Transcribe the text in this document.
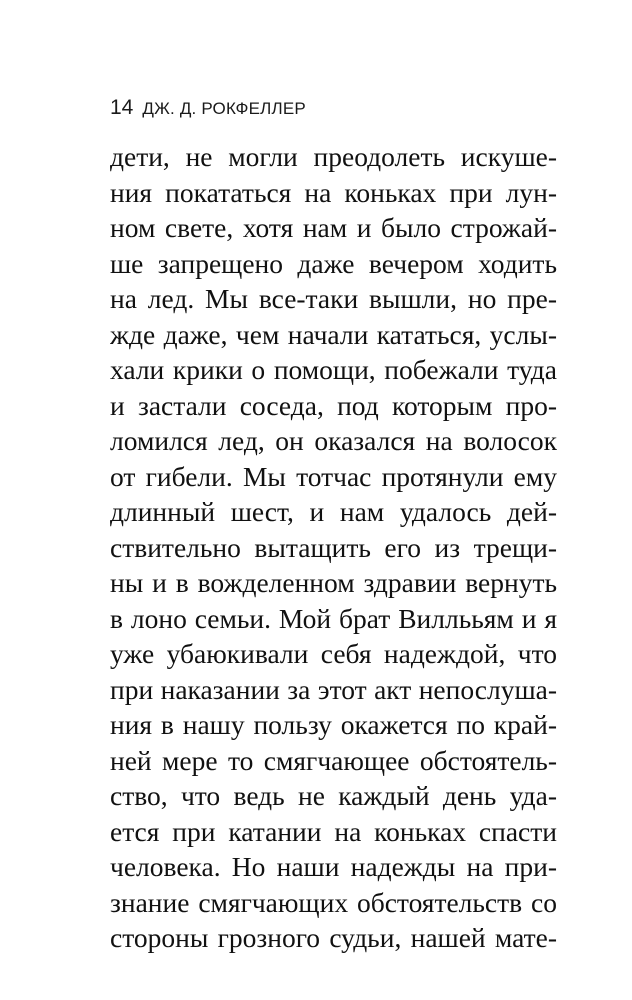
14 ДЖ. Д. РОКФЕЛЛЕР
дети, не могли преодолеть искуше-
ния покататься на коньках при лун-
ном свете, хотя нам и было строжай-
ше запрещено даже вечером ходить
на лед. Мы все-таки вышли, но пре-
жде даже, чем начали кататься, услы-
хали крики о помощи, побежали туда
и застали соседа, под которым про-
ломился лед, он оказался на волосок
от гибели. Мы тотчас протянули ему
длинный шест, и нам удалось дей-
ствительно вытащить его из трещи-
ны и в вожделенном здравии вернуть
в лоно семьи. Мой брат Виллььям и я
уже убаюкивали себя надеждой, что
при наказании за этот акт непослуша-
ния в нашу пользу окажется по край-
ней мере то смягчающее обстоятель-
ство, что ведь не каждый день уда-
ется при катании на коньках спасти
человека. Но наши надежды на при-
знание смягчающих обстоятельств со
стороны грозного судьи, нашей мате-
